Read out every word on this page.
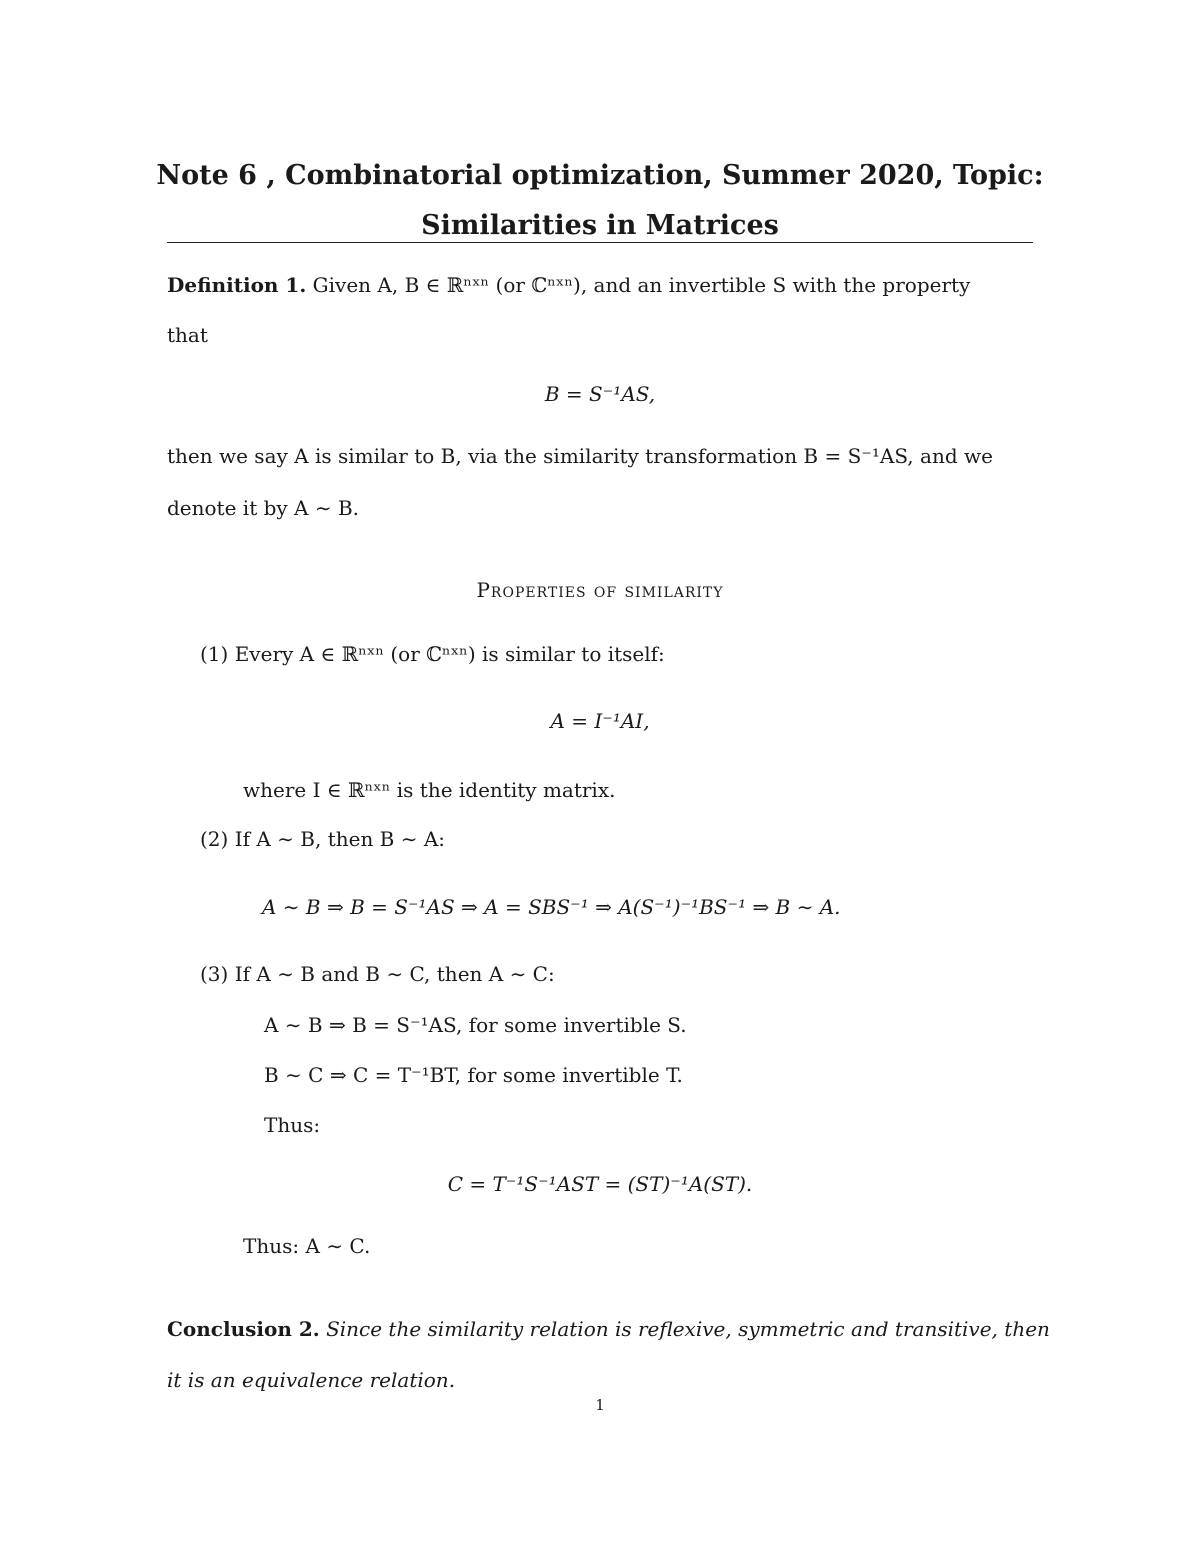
Note 6 , Combinatorial optimization, Summer 2020, Topic:
Similarities in Matrices
Definition 1. Given A, B ∈ ℝⁿˣⁿ (or ℂⁿˣⁿ), and an invertible S with the property
that
B = S⁻¹AS,
then we say A is similar to B, via the similarity transformation B = S⁻¹AS, and we
denote it by A ∼ B.
Properties of similarity
(1) Every A ∈ ℝⁿˣⁿ (or ℂⁿˣⁿ) is similar to itself:
A = I⁻¹AI,
where I ∈ ℝⁿˣⁿ is the identity matrix.
(2) If A ∼ B, then B ∼ A:
A ∼ B ⇒ B = S⁻¹AS ⇒ A = SBS⁻¹ ⇒ A(S⁻¹)⁻¹BS⁻¹ ⇒ B ∼ A.
(3) If A ∼ B and B ∼ C, then A ∼ C:
A ∼ B ⇒ B = S⁻¹AS, for some invertible S.
B ∼ C ⇒ C = T⁻¹BT, for some invertible T.
Thus:
C = T⁻¹S⁻¹AST = (ST)⁻¹A(ST).
Thus: A ∼ C.
Conclusion 2. Since the similarity relation is reflexive, symmetric and transitive, then
it is an equivalence relation.
1
